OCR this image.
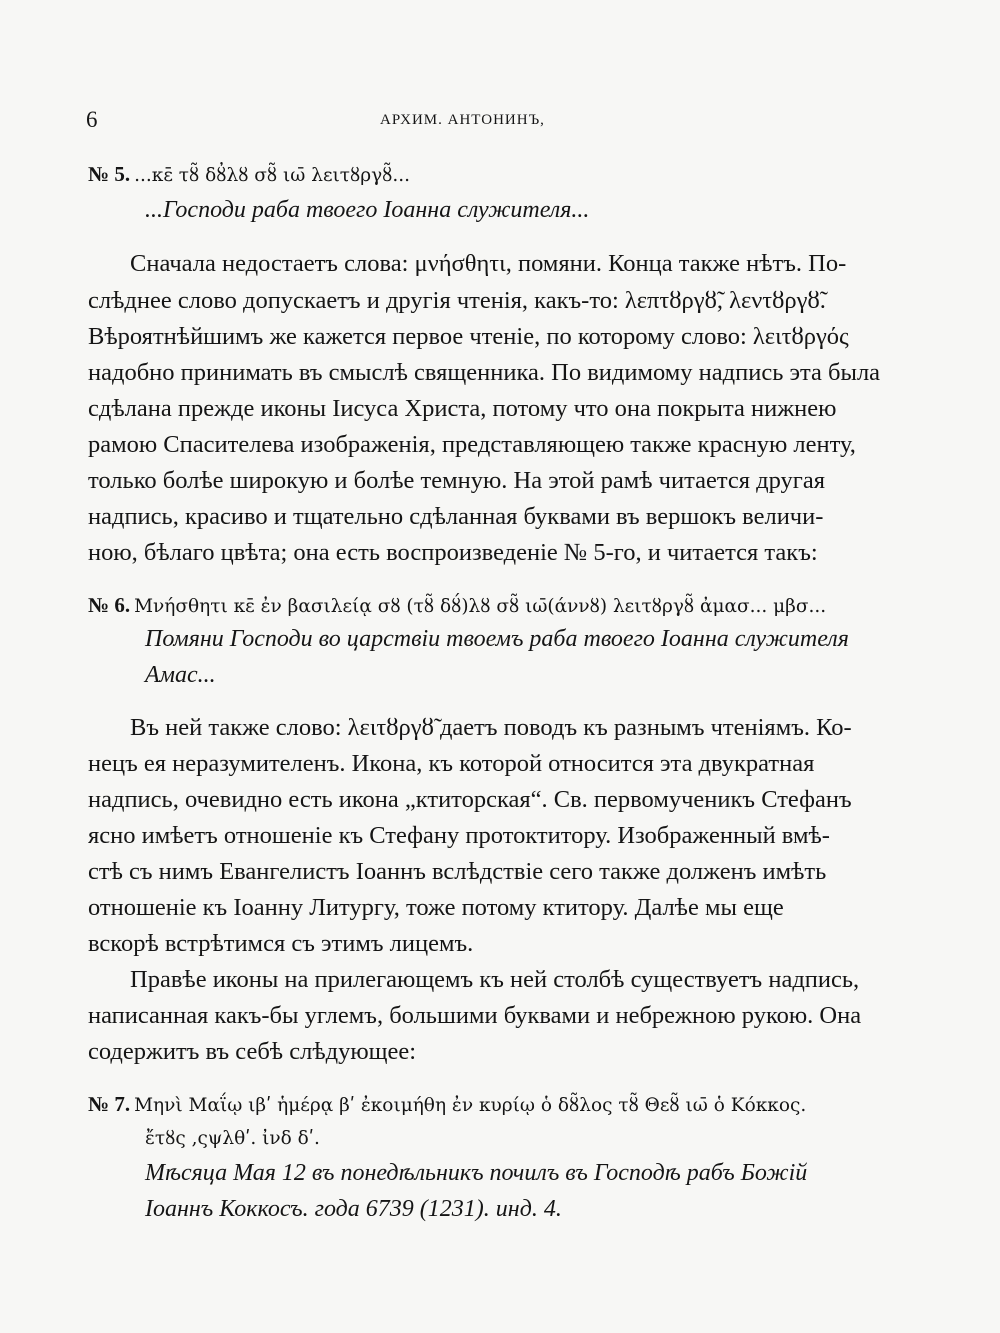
6	АРХИМ. АНТОНИНЪ,
№ 5. ...κε̄ τȣ̃ δȣ̓λȣ σȣ̃ ιω̄ λειτȣργȣ̃...
...Господи раба твоего Іоанна служителя...
Сначала недостаетъ слова: μνήσθητι, помяни. Конца также нѣтъ. По-
слѣднее слово допускаетъ и другія чтенія, какъ-то: λεπτȣργȣ̃, λεντȣργȣ̃.
Вѣроятнѣйшимъ же кажется первое чтеніе, по которому слово: λειτȣργός
надобно принимать въ смыслѣ священника. По видимому надпись эта была
сдѣлана прежде иконы Іисуса Христа, потому что она покрыта нижнею
рамою Спасителева изображенія, представляющею также красную ленту,
только болѣе широкую и болѣе темную. На этой рамѣ читается другая
надпись, красиво и тщательно сдѣланная буквами въ вершокъ величи-
ною, бѣлаго цвѣта; она есть воспроизведеніе № 5-го, и читается такъ:
№ 6. Μνήσθητι κε̄ ἐν βασιλείᾳ σȣ (τȣ̃ δȣ́)λȣ σȣ̃ ιω̄(άννȣ) λειτȣργȣ̃ ἀμασ... μβσ...
Помяни Господи во царствіи твоемъ раба твоего Іоанна служителя
Амас...
Въ ней также слово: λειτȣργȣ̃ даетъ поводъ къ разнымъ чтеніямъ. Ко-
нецъ ея неразумителенъ. Икона, къ которой относится эта двукратная
надпись, очевидно есть икона „ктиторская“. Св. первомученикъ Стефанъ
ясно имѣетъ отношеніе къ Стефану протоктитору. Изображенный вмѣ-
стѣ съ нимъ Евангелистъ Іоаннъ вслѣдствіе сего также долженъ имѣть
отношеніе къ Іоанну Литургу, тоже потому ктитору. Далѣе мы еще
вскорѣ встрѣтимся съ этимъ лицемъ.
Правѣе иконы на прилегающемъ къ ней столбѣ существуетъ надпись,
написанная какъ-бы углемъ, большими буквами и небрежною рукою. Она
содержитъ въ себѣ слѣдующее:
№ 7. Μηνὶ Μαΐῳ ιβʹ ἡμέρᾳ βʹ ἐκοιμήθη ἐν κυρίῳ ὁ δȣ̃λος τȣ̃ Θεȣ̃ ιω̄ ὁ Κόκκος.
ἔτȣς ,ςψλθʹ. ἰνδ δʹ.
Мѣсяца Мая 12 въ понедѣльникъ почилъ въ Господѣ рабъ Божій
Іоаннъ Коккосъ. года 6739 (1231). инд. 4.
